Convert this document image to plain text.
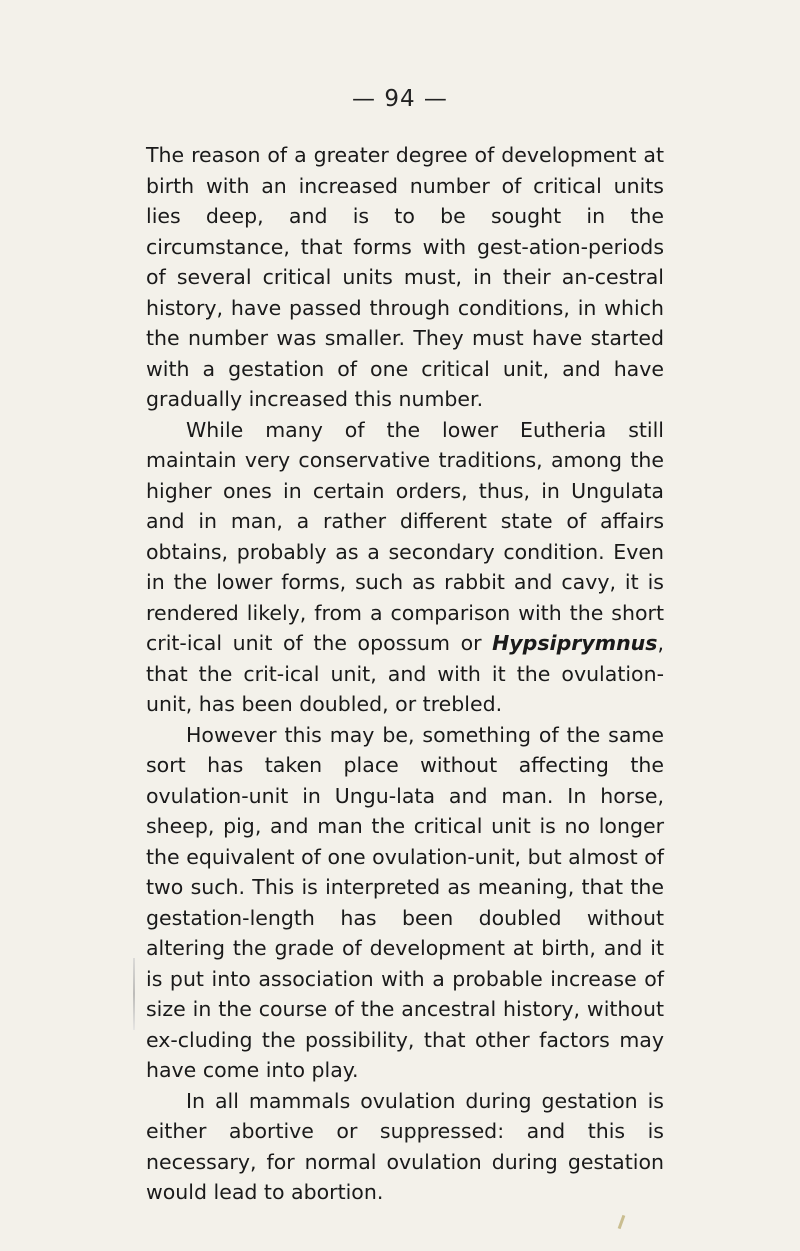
— 94 —

The reason of a greater degree of development at birth with an increased number of critical units lies deep, and is to be sought in the circumstance, that forms with gest-ation-periods of several critical units must, in their an-cestral history, have passed through conditions, in which the number was smaller. They must have started with a gestation of one critical unit, and have gradually increased this number.

While many of the lower Eutheria still maintain very conservative traditions, among the higher ones in certain orders, thus, in Ungulata and in man, a rather different state of affairs obtains, probably as a secondary condition. Even in the lower forms, such as rabbit and cavy, it is rendered likely, from a comparison with the short crit-ical unit of the opossum or Hypsiprymnus, that the crit-ical unit, and with it the ovulation-unit, has been doubled, or trebled.

However this may be, something of the same sort has taken place without affecting the ovulation-unit in Ungu-lata and man. In horse, sheep, pig, and man the critical unit is no longer the equivalent of one ovulation-unit, but almost of two such. This is interpreted as meaning, that the gestation-length has been doubled without altering the grade of development at birth, and it is put into association with a probable increase of size in the course of the ancestral history, without ex-cluding the possibility, that other factors may have come into play.

In all mammals ovulation during gestation is either abortive or suppressed: and this is necessary, for normal ovulation during gestation would lead to abortion.
